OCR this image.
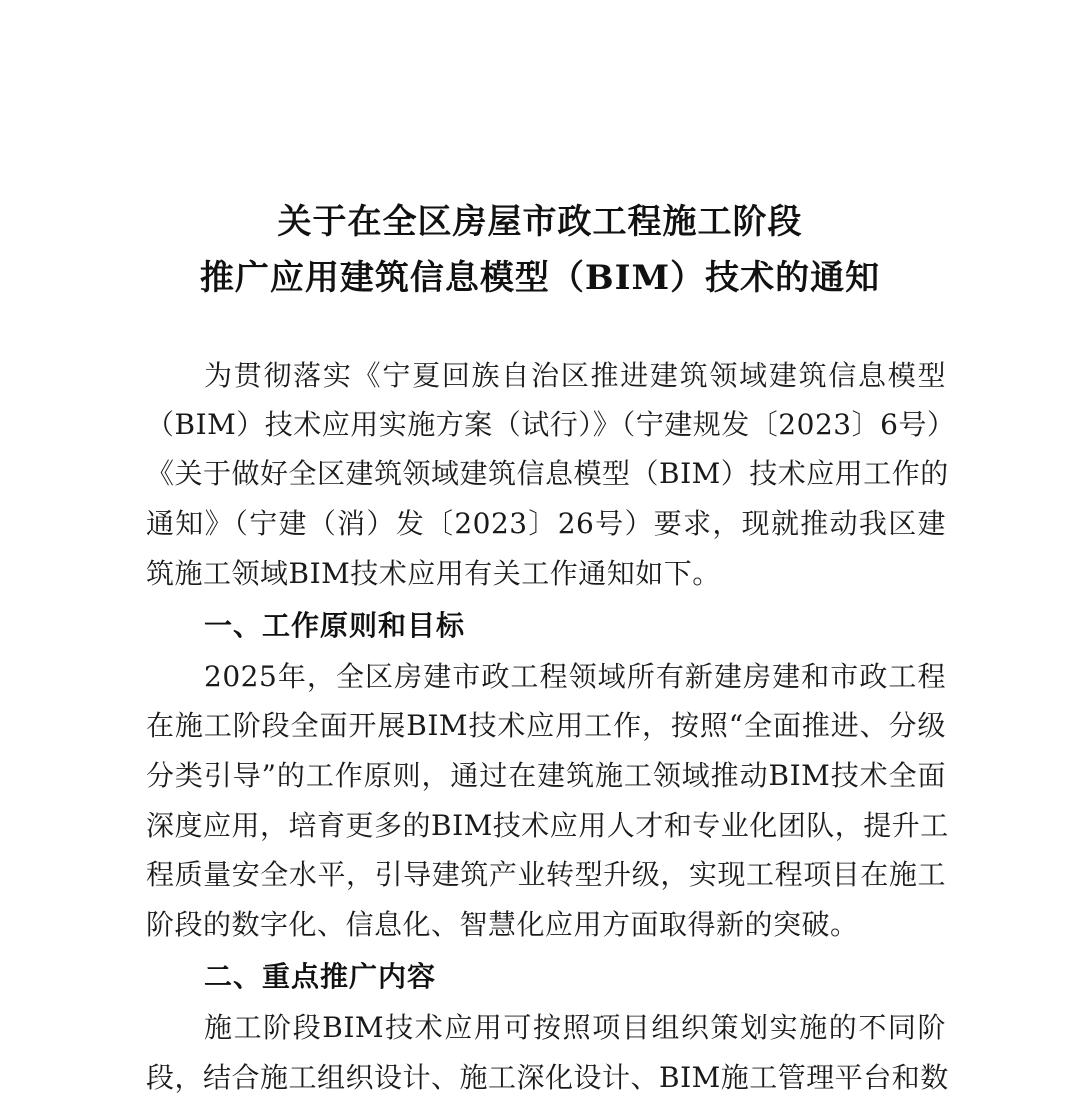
关于在全区房屋市政工程施工阶段
推广应用建筑信息模型（BIM）技术的通知
为贯彻落实《宁夏回族自治区推进建筑领域建筑信息模型
（BIM）技术应用实施方案（试行）》（宁建规发〔2023〕6号）
《关于做好全区建筑领域建筑信息模型（BIM）技术应用工作的
通知》（宁建（消）发〔2023〕26号）要求，现就推动我区建
筑施工领域BIM技术应用有关工作通知如下。
一、工作原则和目标
2025年，全区房建市政工程领域所有新建房建和市政工程
在施工阶段全面开展BIM技术应用工作，按照“全面推进、分级
分类引导”的工作原则，通过在建筑施工领域推动BIM技术全面
深度应用，培育更多的BIM技术应用人才和专业化团队，提升工
程质量安全水平，引导建筑产业转型升级，实现工程项目在施工
阶段的数字化、信息化、智慧化应用方面取得新的突破。
二、重点推广内容
施工阶段BIM技术应用可按照项目组织策划实施的不同阶
段，结合施工组织设计、施工深化设计、BIM施工管理平台和数
